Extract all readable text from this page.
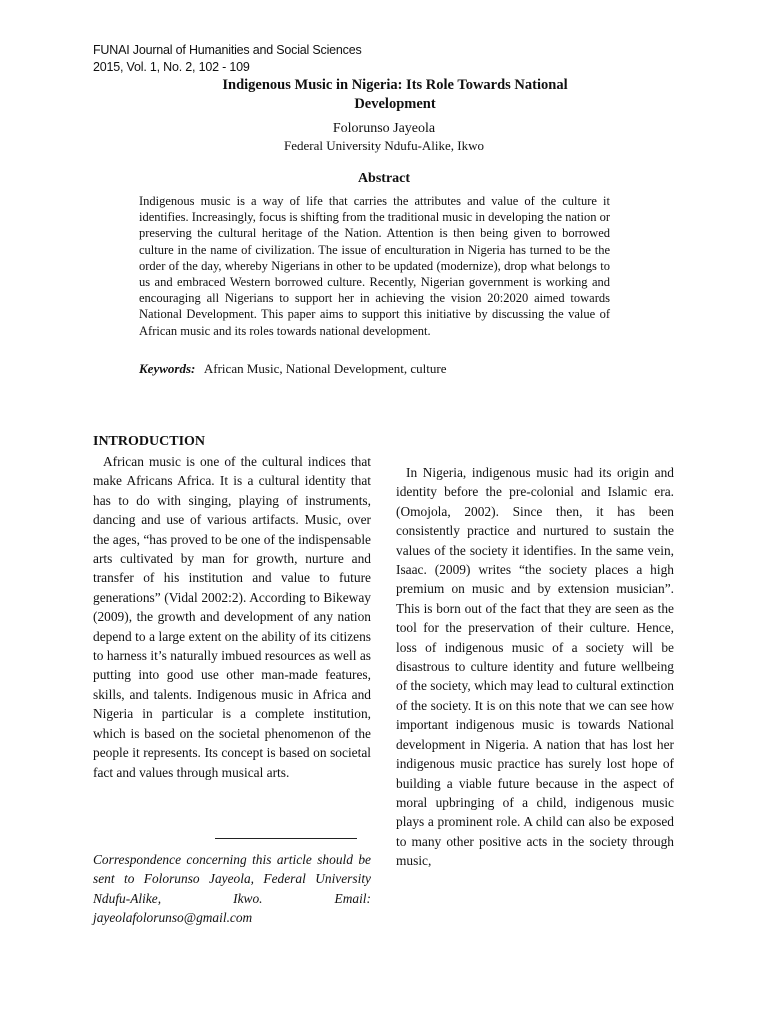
FUNAI Journal of Humanities and Social Sciences
2015, Vol. 1, No. 2, 102 - 109
Indigenous Music in Nigeria: Its Role Towards National Development
Folorunso Jayeola
Federal University Ndufu-Alike, Ikwo
Abstract

Indigenous music is a way of life that carries the attributes and value of the culture it identifies. Increasingly, focus is shifting from the traditional music in developing the nation or preserving the cultural heritage of the Nation. Attention is then being given to borrowed culture in the name of civilization. The issue of enculturation in Nigeria has turned to be the order of the day, whereby Nigerians in other to be updated (modernize), drop what belongs to us and embraced Western borrowed culture. Recently, Nigerian government is working and encouraging all Nigerians to support her in achieving the vision 20:2020 aimed towards National Development. This paper aims to support this initiative by discussing the value of African music and its roles towards national development.

Keywords: African Music, National Development, culture
INTRODUCTION

African music is one of the cultural indices that make Africans Africa. It is a cultural identity that has to do with singing, playing of instruments, dancing and use of various artifacts. Music, over the ages, “has proved to be one of the indispensable arts cultivated by man for growth, nurture and transfer of his institution and value to future generations” (Vidal 2002:2). According to Bikeway (2009), the growth and development of any nation depend to a large extent on the ability of its citizens to harness it’s naturally imbued resources as well as putting into good use other man-made features, skills, and talents. Indigenous music in Africa and Nigeria in particular is a complete institution, which is based on the societal phenomenon of the people it represents. Its concept is based on societal fact and values through musical arts.

Correspondence concerning this article should be sent to Folorunso Jayeola, Federal University Ndufu-Alike, Ikwo. Email: jayeolafolorunso@gmail.com

In Nigeria, indigenous music had its origin and identity before the pre-colonial and Islamic era. (Omojola, 2002). Since then, it has been consistently practice and nurtured to sustain the values of the society it identifies. In the same vein, Isaac. (2009) writes “the society places a high premium on music and by extension musician”. This is born out of the fact that they are seen as the tool for the preservation of their culture. Hence, loss of indigenous music of a society will be disastrous to culture identity and future wellbeing of the society, which may lead to cultural extinction of the society. It is on this note that we can see how important indigenous music is towards National development in Nigeria. A nation that has lost her indigenous music practice has surely lost hope of building a viable future because in the aspect of moral upbringing of a child, indigenous music plays a prominent role. A child can also be exposed to many other positive acts in the society through music,
